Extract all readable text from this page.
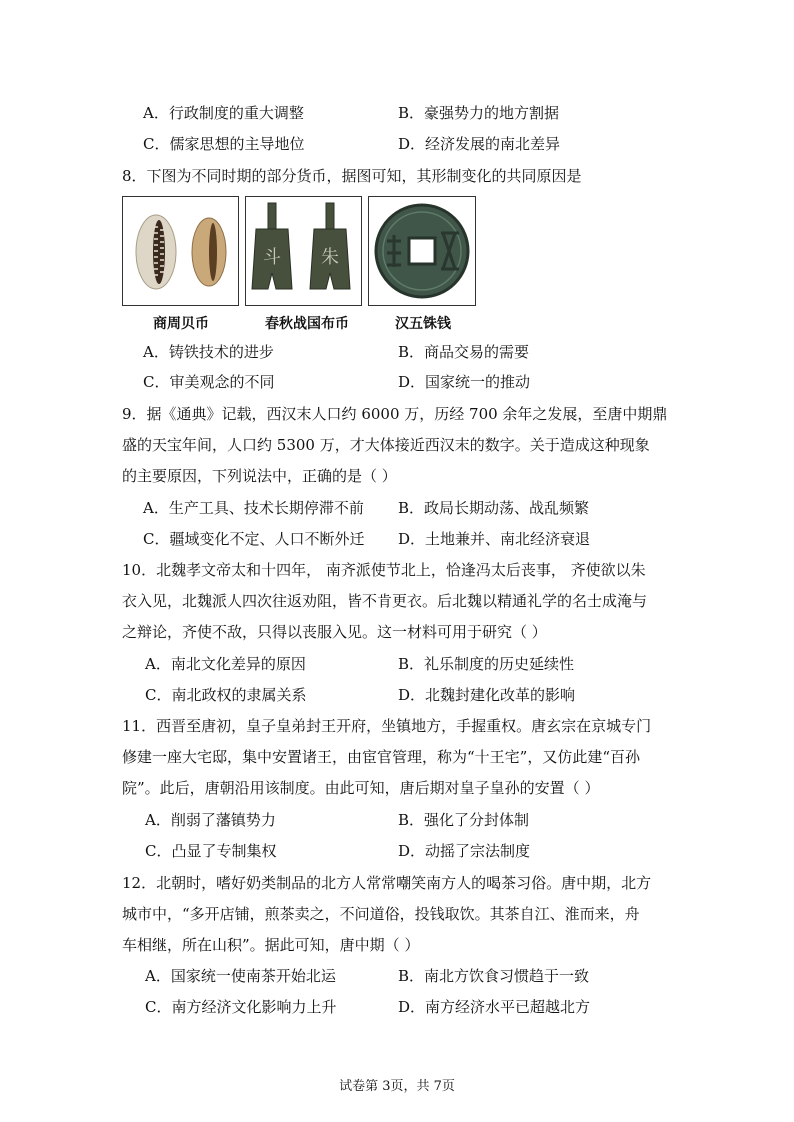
A．行政制度的重大调整	B．豪强势力的地方割据
C．儒家思想的主导地位	D．经济发展的南北差异
8．下图为不同时期的部分货币，据图可知，其形制变化的共同原因是
斗 朱
商周贝币	春秋战国布币	汉五铢钱
A．铸铁技术的进步	B．商品交易的需要
C．审美观念的不同	D．国家统一的推动
9．据《通典》记载，西汉末人口约 6000 万，历经 700 余年之发展，至唐中期鼎
盛的天宝年间，人口约 5300 万，才大体接近西汉末的数字。关于造成这种现象
的主要原因，下列说法中，正确的是（ ）
A．生产工具、技术长期停滞不前 B．政局长期动荡、战乱频繁
C．疆域变化不定、人口不断外迁 D．土地兼并、南北经济衰退
10．北魏孝文帝太和十四年， 南齐派使节北上，恰逢冯太后丧事， 齐使欲以朱
衣入见，北魏派人四次往返劝阻，皆不肯更衣。后北魏以精通礼学的名士成淹与
之辩论，齐使不敌，只得以丧服入见。这一材料可用于研究（ ）
A．南北文化差异的原因	B．礼乐制度的历史延续性
C．南北政权的隶属关系	D．北魏封建化改革的影响
11．西晋至唐初，皇子皇弟封王开府，坐镇地方，手握重权。唐玄宗在京城专门
修建一座大宅邸，集中安置诸王，由宦官管理，称为“十王宅”，又仿此建“百孙
院”。此后，唐朝沿用该制度。由此可知，唐后期对皇子皇孙的安置（ ）
A．削弱了藩镇势力	B．强化了分封体制
C．凸显了专制集权	D．动摇了宗法制度
12．北朝时，嗜好奶类制品的北方人常常嘲笑南方人的喝茶习俗。唐中期，北方
城市中，“多开店铺，煎茶卖之，不问道俗，投钱取饮。其茶自江、淮而来，舟
车相继，所在山积”。据此可知，唐中期（ ）
A．国家统一使南茶开始北运	B．南北方饮食习惯趋于一致
C．南方经济文化影响力上升	D．南方经济水平已超越北方
试卷第 3页，共 7页
